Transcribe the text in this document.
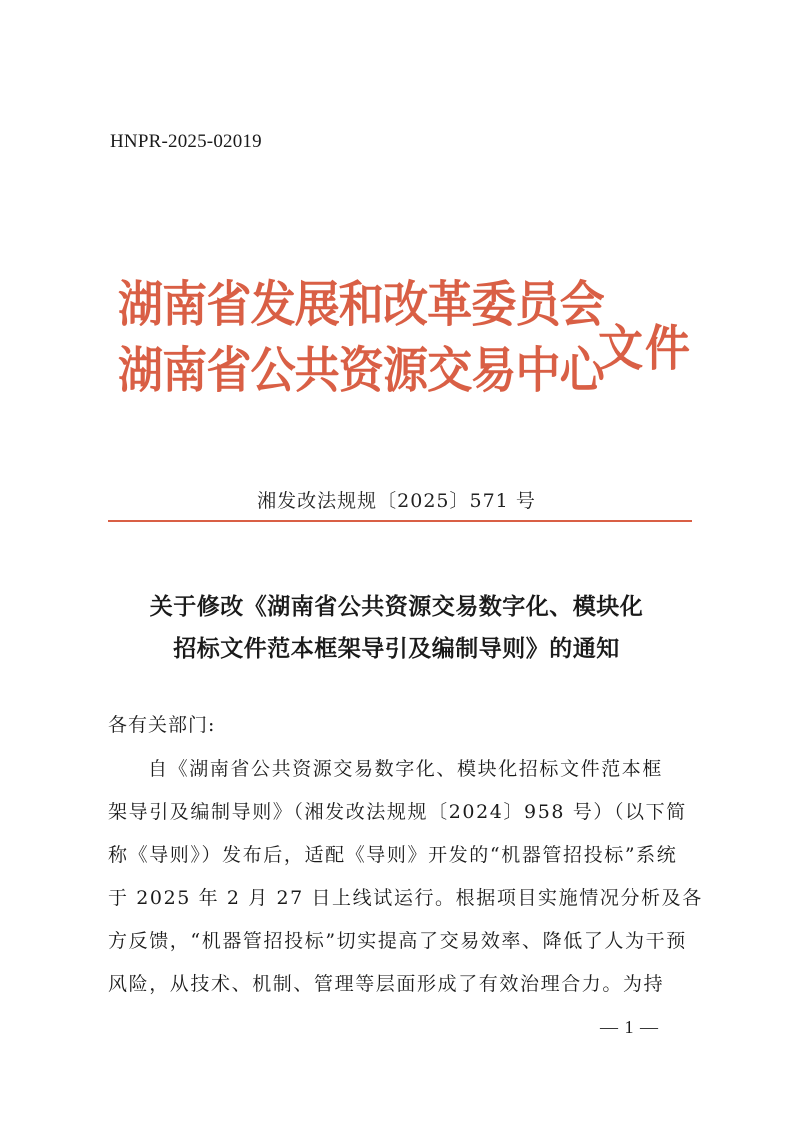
HNPR-2025-02019
湖南省发展和改革委员会
湖南省公共资源交易中心
文件
湘发改法规规〔2025〕571 号
关于修改《湖南省公共资源交易数字化、模块化
招标文件范本框架导引及编制导则》的通知
各有关部门:
自《湖南省公共资源交易数字化、模块化招标文件范本框
架导引及编制导则》（湘发改法规规〔2024〕958 号）（以下简
称《导则》）发布后，适配《导则》开发的“机器管招投标”系统
于 2025 年 2 月 27 日上线试运行。根据项目实施情况分析及各
方反馈，“机器管招投标”切实提高了交易效率、降低了人为干预
风险，从技术、机制、管理等层面形成了有效治理合力。为持
— 1 —
